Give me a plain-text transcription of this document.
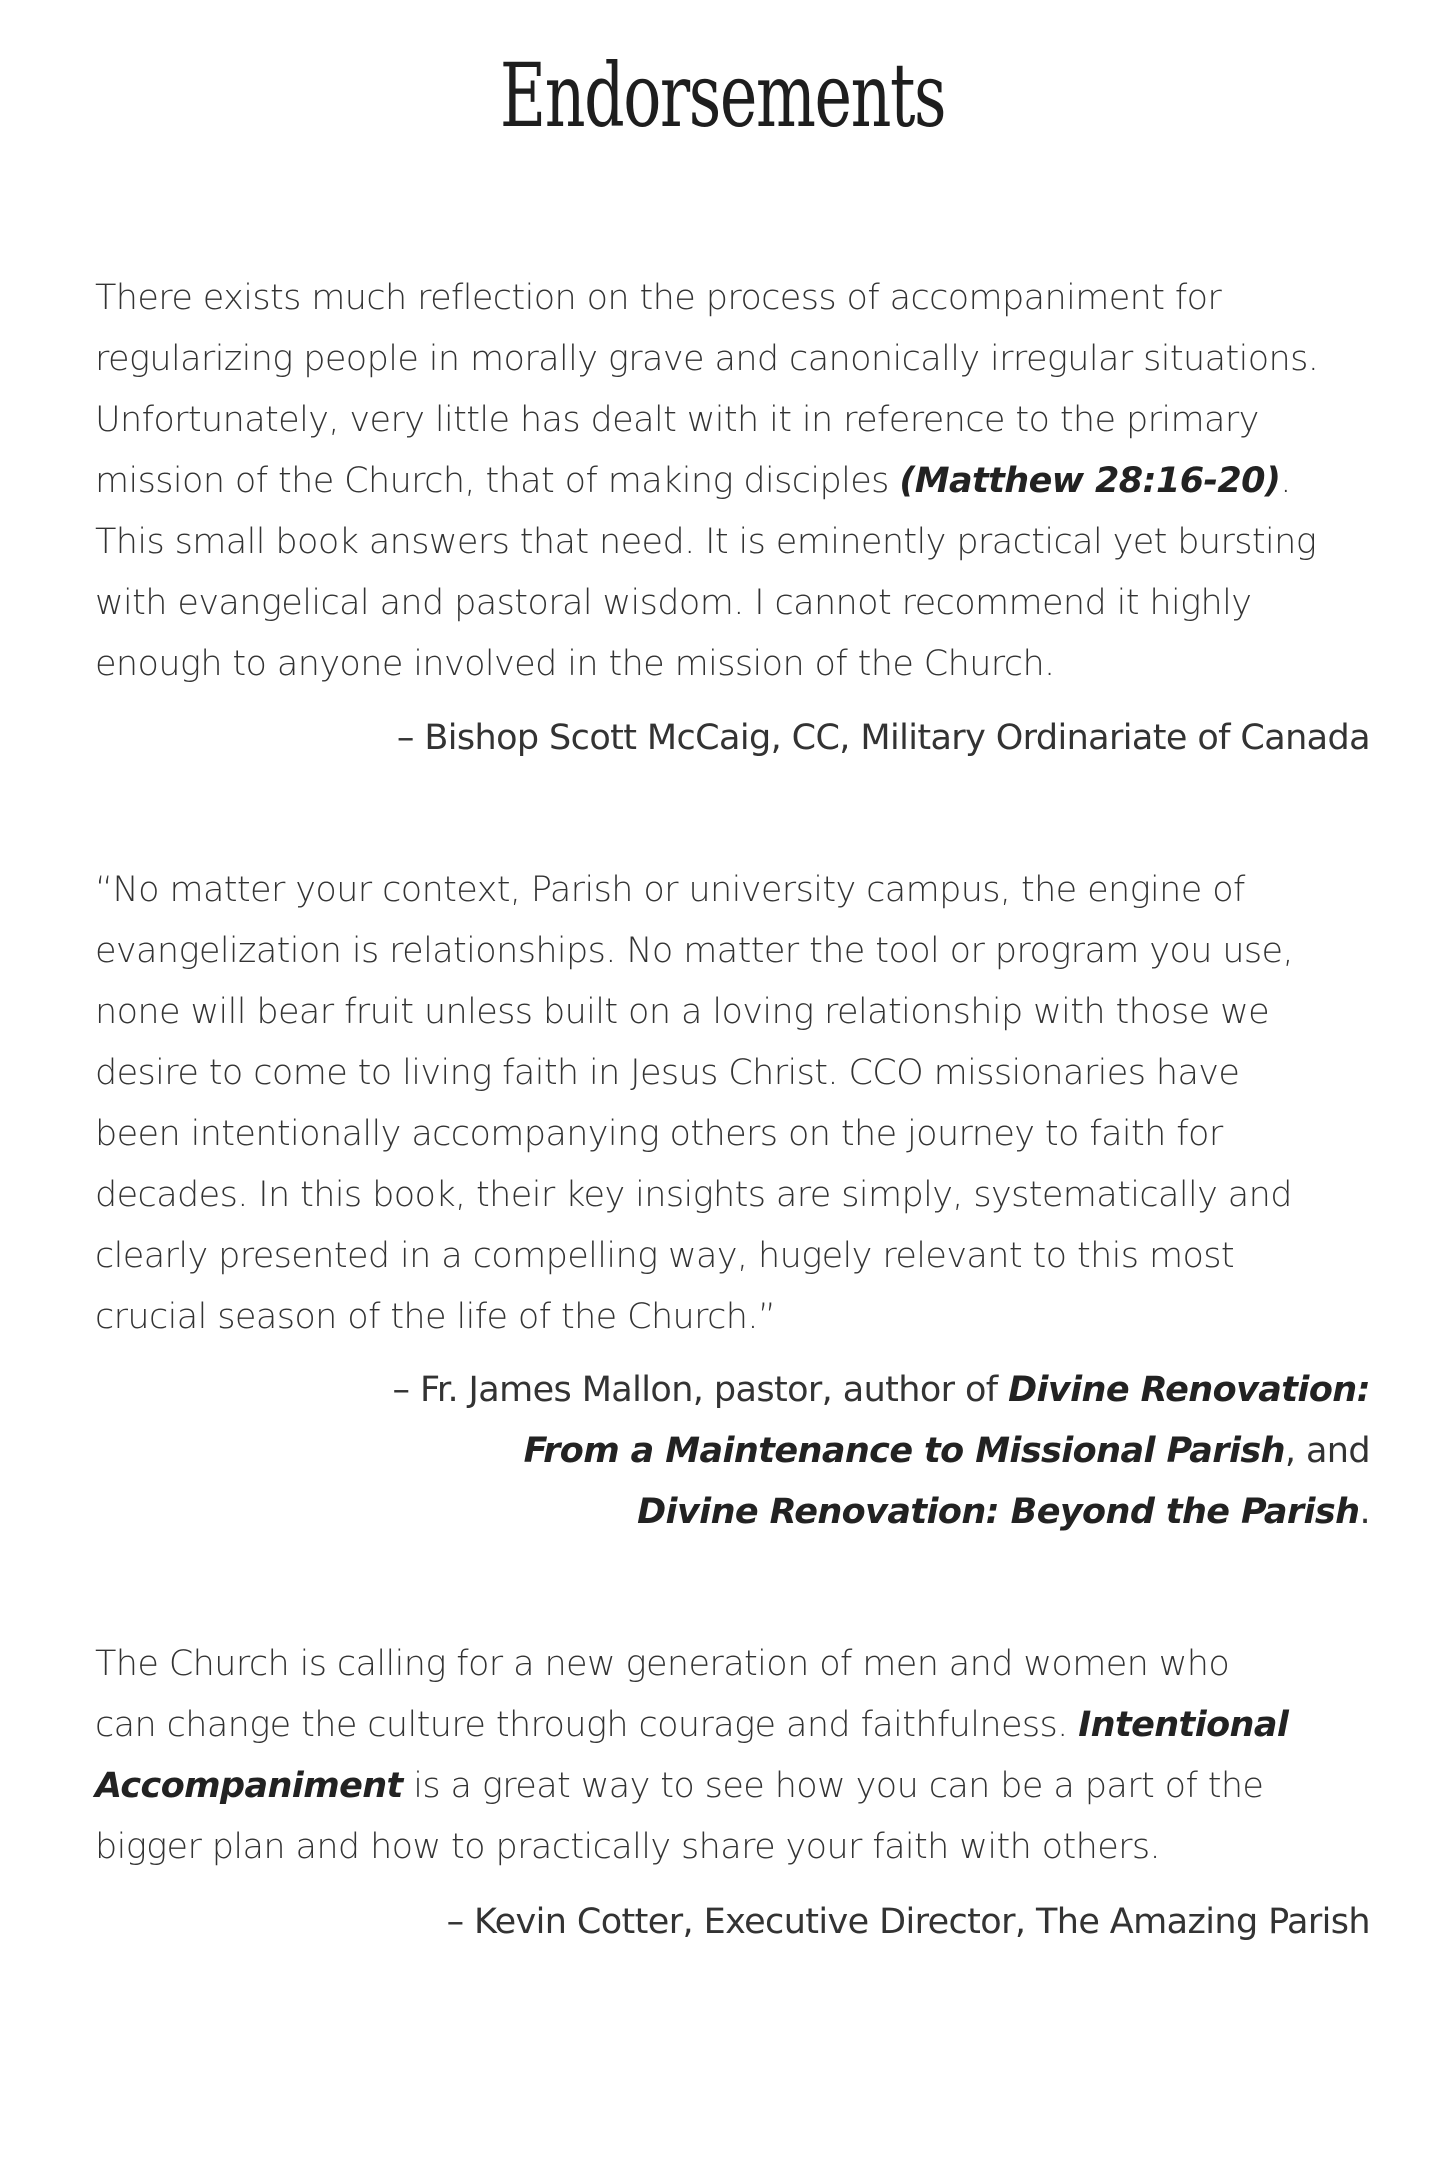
Endorsements
There exists much reflection on the process of accompaniment for
regularizing people in morally grave and canonically irregular situations.
Unfortunately, very little has dealt with it in reference to the primary
mission of the Church, that of making disciples (Matthew 28:16-20).
This small book answers that need. It is eminently practical yet bursting
with evangelical and pastoral wisdom. I cannot recommend it highly
enough to anyone involved in the mission of the Church.
– Bishop Scott McCaig, CC, Military Ordinariate of Canada
“No matter your context, Parish or university campus, the engine of
evangelization is relationships. No matter the tool or program you use,
none will bear fruit unless built on a loving relationship with those we
desire to come to living faith in Jesus Christ. CCO missionaries have
been intentionally accompanying others on the journey to faith for
decades. In this book, their key insights are simply, systematically and
clearly presented in a compelling way, hugely relevant to this most
crucial season of the life of the Church.”
– Fr. James Mallon, pastor, author of Divine Renovation:
From a Maintenance to Missional Parish, and
Divine Renovation: Beyond the Parish.
The Church is calling for a new generation of men and women who
can change the culture through courage and faithfulness. Intentional
Accompaniment is a great way to see how you can be a part of the
bigger plan and how to practically share your faith with others.
– Kevin Cotter, Executive Director, The Amazing Parish
